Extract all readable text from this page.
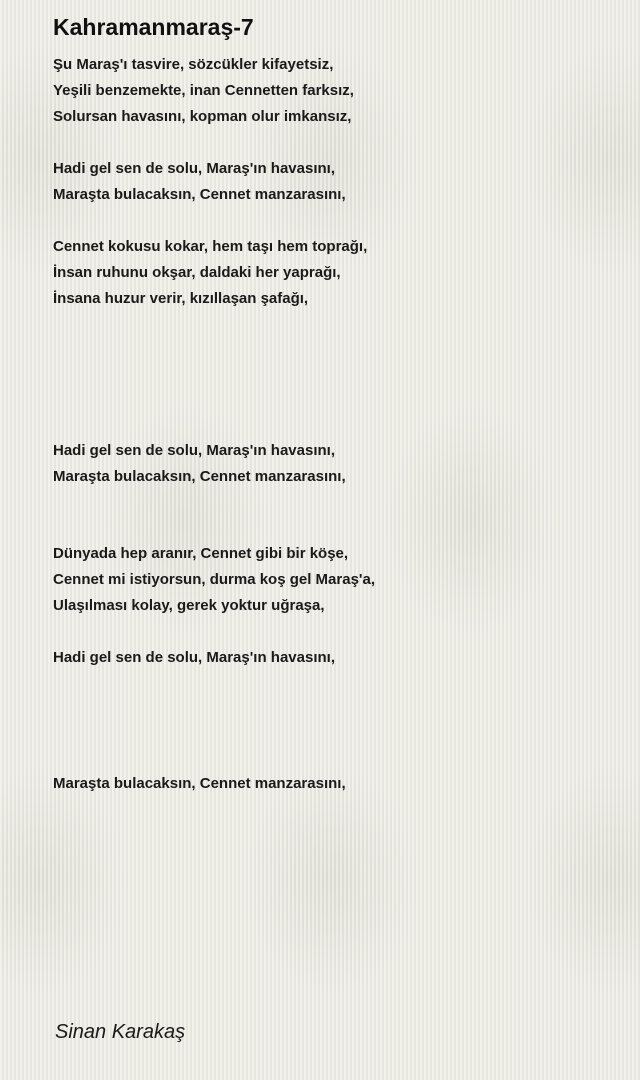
Kahramanmaraş-7
Şu Maraş'ı tasvire, sözcükler kifayetsiz,
Yeşili benzemekte, inan Cennetten farksız,
Solursan havasını, kopman olur imkansız,
Hadi gel sen de solu, Maraş'ın havasını,
Maraşta bulacaksın, Cennet manzarasını,
Cennet kokusu kokar, hem taşı hem toprağı,
İnsan ruhunu okşar, daldaki her yaprağı,
İnsana huzur verir, kızıllaşan şafağı,
Hadi gel sen de solu, Maraş'ın havasını,
Maraşta bulacaksın, Cennet manzarasını,
Dünyada hep aranır, Cennet gibi bir köşe,
Cennet mi istiyorsun, durma koş gel Maraş'a,
Ulaşılması kolay, gerek yoktur uğraşa,
Hadi gel sen de solu, Maraş'ın havasını,
Maraşta bulacaksın, Cennet manzarasını,
Sinan Karakaş
